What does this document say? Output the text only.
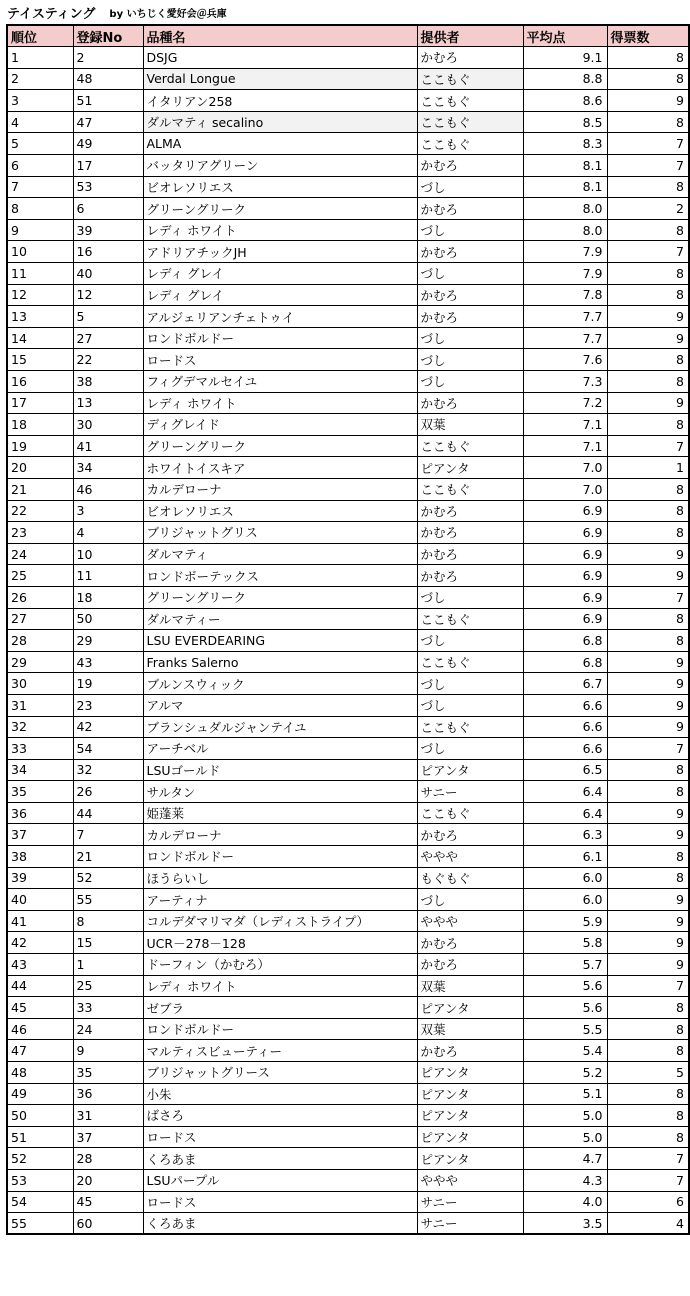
テイスティング by いちじく愛好会＠兵庫
順位	登録No	品種名	提供者	平均点	得票数
1	2	DSJG	かむろ	9.1	8
2	48	Verdal Longue	ここもぐ	8.8	8
3	51	イタリアン258	ここもぐ	8.6	9
4	47	ダルマティ secalino	ここもぐ	8.5	8
5	49	ALMA	ここもぐ	8.3	7
6	17	バッタリアグリーン	かむろ	8.1	7
7	53	ビオレソリエス	づし	8.1	8
8	6	グリーングリーク	かむろ	8.0	2
9	39	レディ ホワイト	づし	8.0	8
10	16	アドリアチックJH	かむろ	7.9	7
11	40	レディ グレイ	づし	7.9	8
12	12	レディ グレイ	かむろ	7.8	8
13	5	アルジェリアンチェトゥイ	かむろ	7.7	9
14	27	ロンドボルドー	づし	7.7	9
15	22	ロードス	づし	7.6	8
16	38	フィグデマルセイユ	づし	7.3	8
17	13	レディ ホワイト	かむろ	7.2	9
18	30	ディグレイド	双葉	7.1	8
19	41	グリーングリーク	ここもぐ	7.1	7
20	34	ホワイトイスキア	ピアンタ	7.0	1
21	46	カルデローナ	ここもぐ	7.0	8
22	3	ビオレソリエス	かむろ	6.9	8
23	4	ブリジャットグリス	かむろ	6.9	8
24	10	ダルマティ	かむろ	6.9	9
25	11	ロンドボーテックス	かむろ	6.9	9
26	18	グリーングリーク	づし	6.9	7
27	50	ダルマティー	ここもぐ	6.9	8
28	29	LSU EVERDEARING	づし	6.8	8
29	43	Franks Salerno	ここもぐ	6.8	9
30	19	ブルンスウィック	づし	6.7	9
31	23	アルマ	づし	6.6	9
32	42	ブランシュダルジャンテイユ	ここもぐ	6.6	9
33	54	アーチベル	づし	6.6	7
34	32	LSUゴールド	ピアンタ	6.5	8
35	26	サルタン	サニー	6.4	8
36	44	姫蓬莱	ここもぐ	6.4	9
37	7	カルデローナ	かむろ	6.3	9
38	21	ロンドボルドー	ややや	6.1	8
39	52	ほうらいし	もぐもぐ	6.0	8
40	55	アーティナ	づし	6.0	9
41	8	コルデダマリマダ（レディストライプ）	ややや	5.9	9
42	15	UCR－278－128	かむろ	5.8	9
43	1	ドーフィン（かむろ）	かむろ	5.7	9
44	25	レディ ホワイト	双葉	5.6	7
45	33	ゼブラ	ピアンタ	5.6	8
46	24	ロンドボルドー	双葉	5.5	8
47	9	マルティスビューティー	かむろ	5.4	8
48	35	ブリジャットグリース	ピアンタ	5.2	5
49	36	小朱	ピアンタ	5.1	8
50	31	ばさろ	ピアンタ	5.0	8
51	37	ロードス	ピアンタ	5.0	8
52	28	くろあま	ピアンタ	4.7	7
53	20	LSUパープル	ややや	4.3	7
54	45	ロードス	サニー	4.0	6
55	60	くろあま	サニー	3.5	4
